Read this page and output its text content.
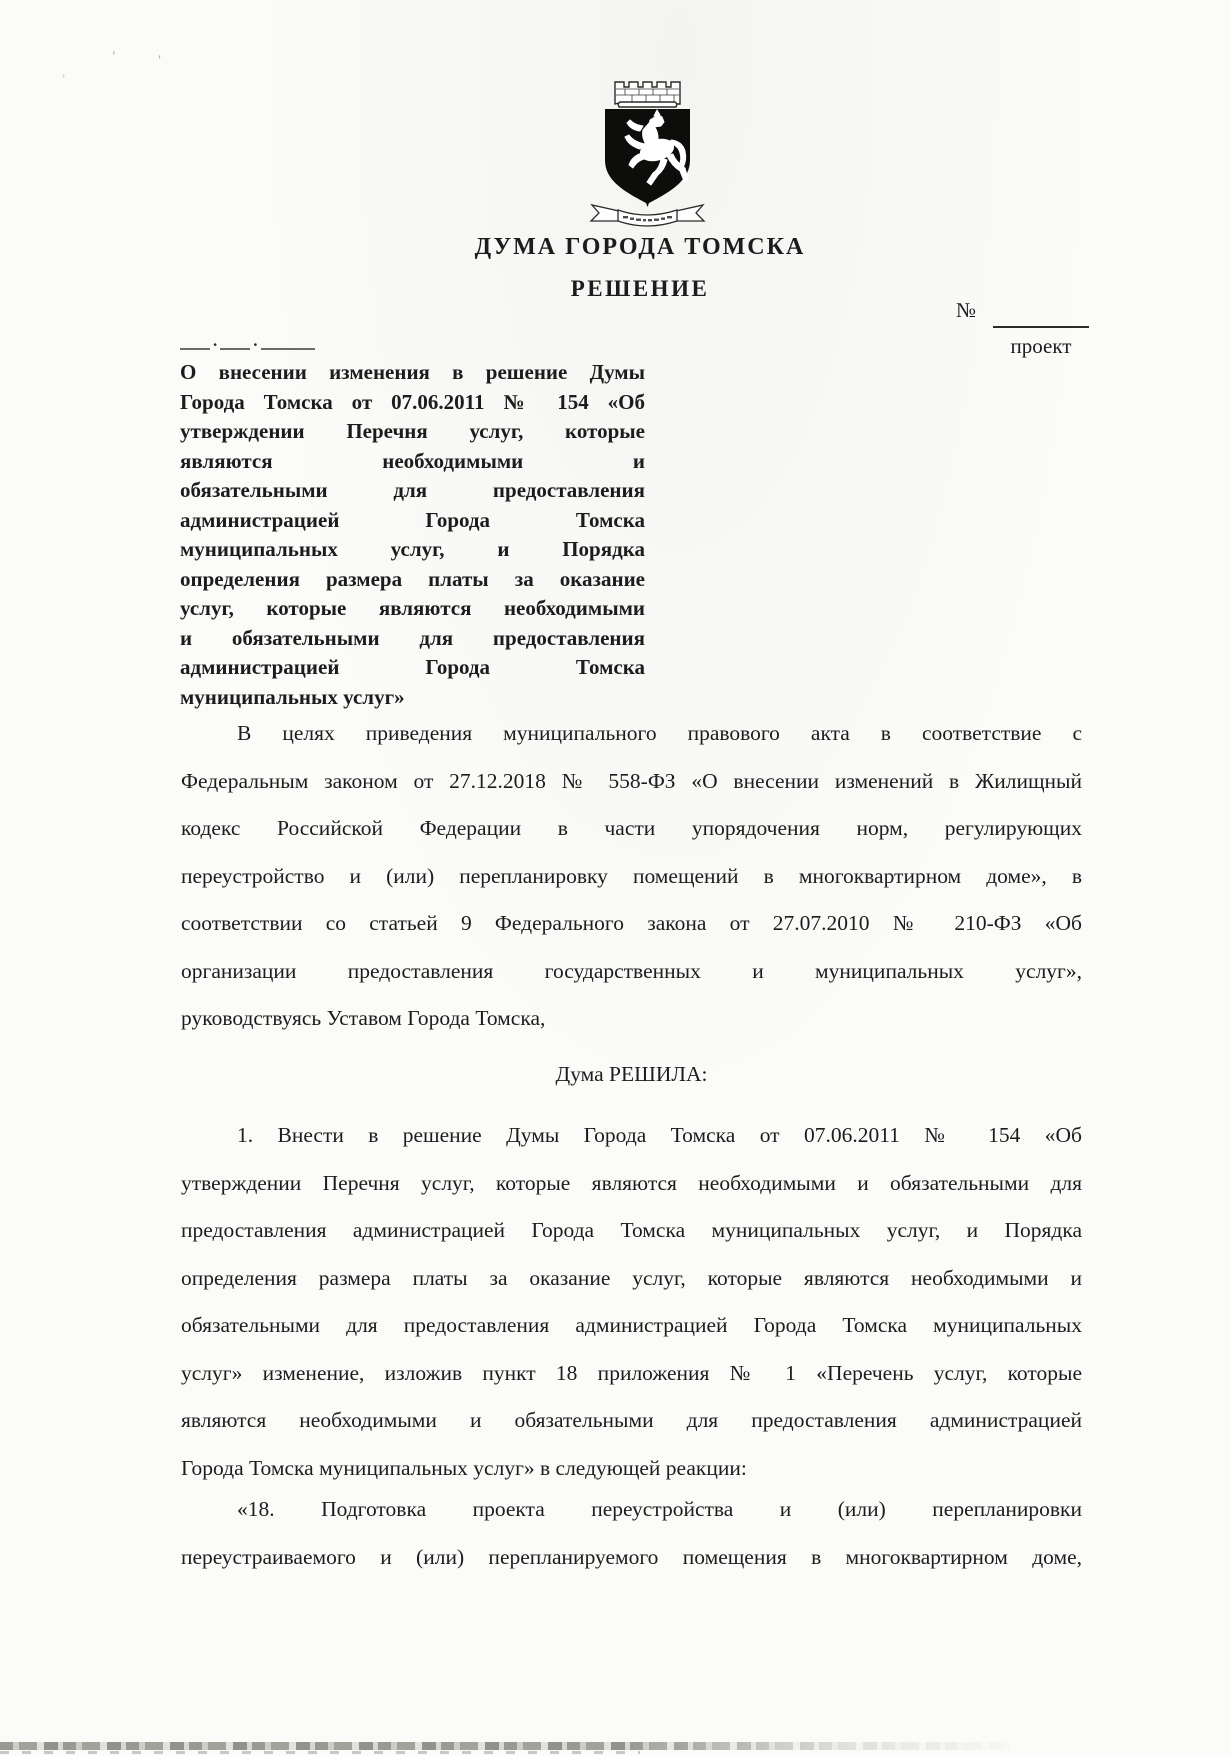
'	'
,
ДУМА ГОРОДА ТОМСКА
РЕШЕНИЕ
№
проект
. .
О внесении изменения в решение Думы
Города Томска от 07.06.2011 № 154 «Об
утверждении Перечня услуг, которые
являются необходимыми и
обязательными для предоставления
администрацией Города Томска
муниципальных услуг, и Порядка
определения размера платы за оказание
услуг, которые являются необходимыми
и обязательными для предоставления
администрацией Города Томска
муниципальных услуг»
В целях приведения муниципального правового акта в соответствие с
Федеральным законом от 27.12.2018 № 558-ФЗ «О внесении изменений в Жилищный
кодекс Российской Федерации в части упорядочения норм, регулирующих
переустройство и (или) перепланировку помещений в многоквартирном доме», в
соответствии со статьей 9 Федерального закона от 27.07.2010 № 210-ФЗ «Об
организации предоставления государственных и муниципальных услуг»,
руководствуясь Уставом Города Томска,
Дума РЕШИЛА:
1. Внести в решение Думы Города Томска от 07.06.2011 № 154 «Об
утверждении Перечня услуг, которые являются необходимыми и обязательными для
предоставления администрацией Города Томска муниципальных услуг, и Порядка
определения размера платы за оказание услуг, которые являются необходимыми и
обязательными для предоставления администрацией Города Томска муниципальных
услуг» изменение, изложив пункт 18 приложения № 1 «Перечень услуг, которые
являются необходимыми и обязательными для предоставления администрацией
Города Томска муниципальных услуг» в следующей реакции:
«18. Подготовка проекта переустройства и (или) перепланировки
переустраиваемого и (или) перепланируемого помещения в многоквартирном доме,
